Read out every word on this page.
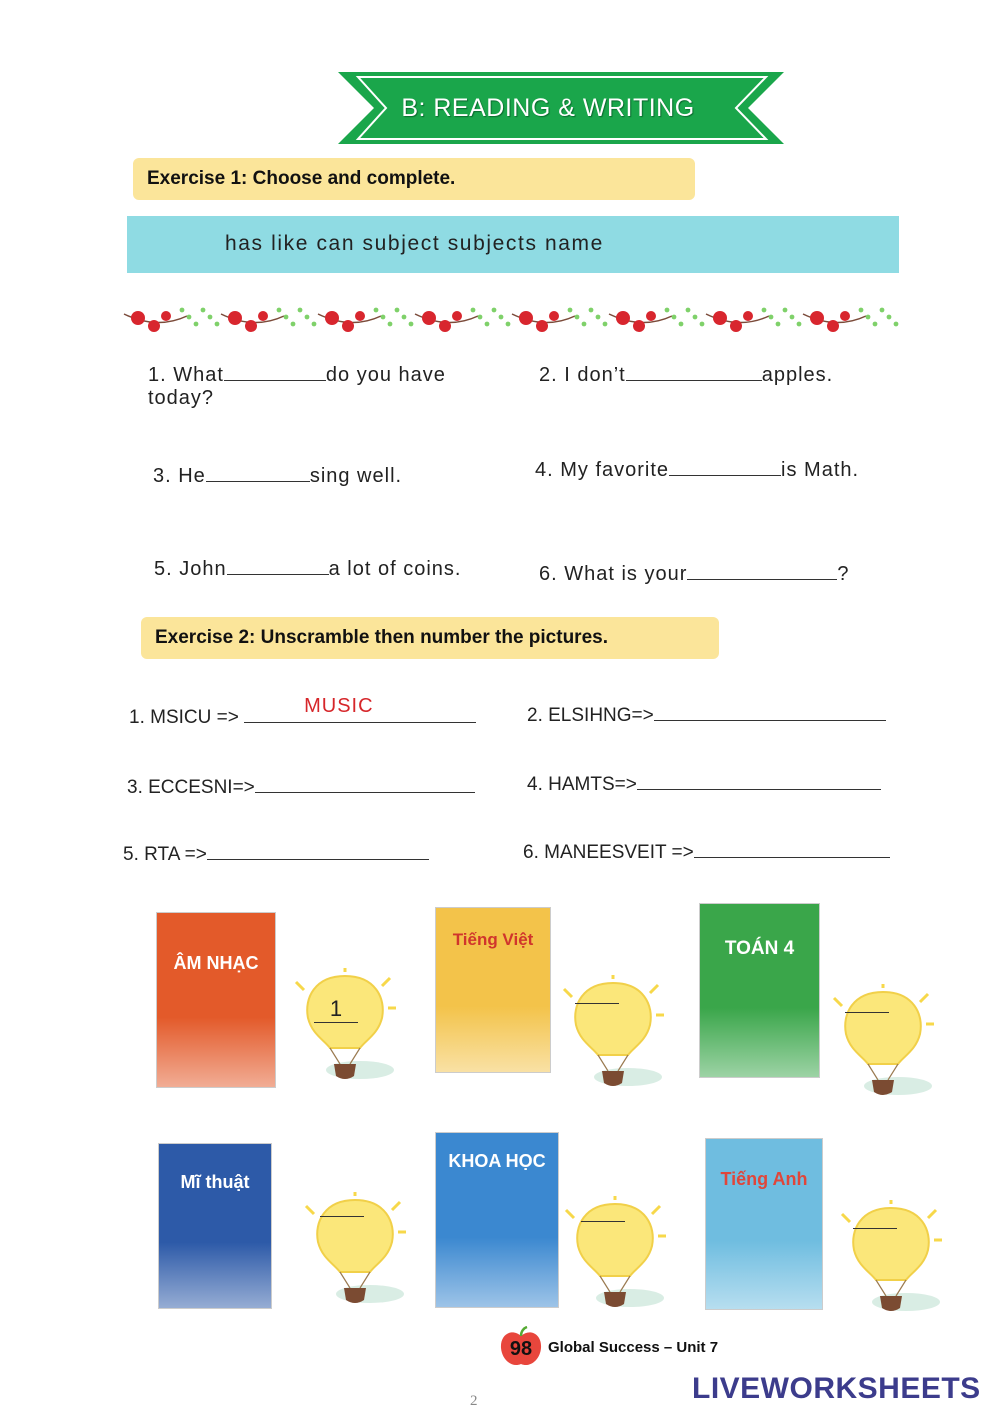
B: READING & WRITING
Exercise 1: Choose and complete.
has like can subject subjects name
1. What	do you have
today?
2. I don’t	apples.
3. He	sing well.	4. My favorite	is Math.
5. John	a lot of coins.	6. What is your	?
Exercise 2: Unscramble then number the pictures.
1. MSICU =>
MUSIC	2. ELSIHNG=>
3. ECCESNI=>	4. HAMTS=>
5. RTA =>	6. MANEESVEIT =>
ÂM NHẠC
Tiếng Việt	TOÁN 4
Mĩ thuật
KHOA HỌC
Tiếng Anh
1
98	Global Success – Unit 7
LIVEWORKSHEETS
2
